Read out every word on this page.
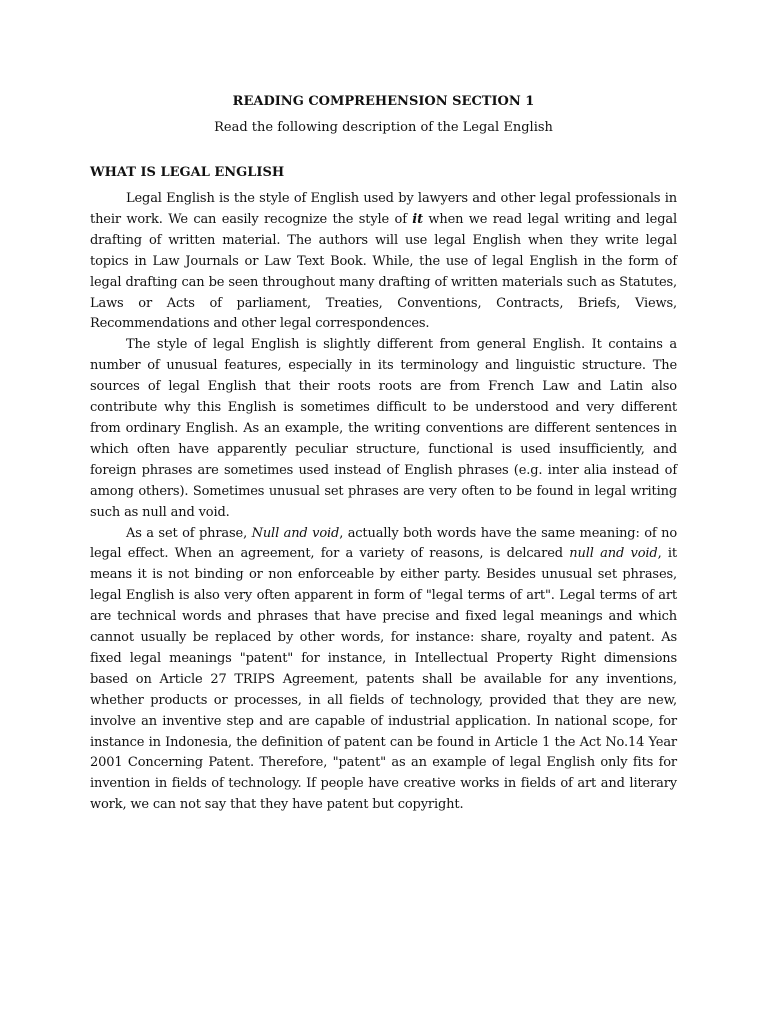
READING COMPREHENSION SECTION 1

Read the following description of the Legal English

WHAT IS LEGAL ENGLISH

Legal English is the style of English used by lawyers and other legal professionals in their work. We can easily recognize the style of it when we read legal writing and legal drafting of written material. The authors will use legal English when they write legal topics in Law Journals or Law Text Book. While, the use of legal English in the form of legal drafting can be seen throughout many drafting of written materials such as Statutes, Laws or Acts of parliament, Treaties, Conventions, Contracts, Briefs, Views, Recommendations and other legal correspondences.

The style of legal English is slightly different from general English. It contains a number of unusual features, especially in its terminology and linguistic structure. The sources of legal English that their roots roots are from French Law and Latin also contribute why this English is sometimes difficult to be understood and very different from ordinary English. As an example, the writing conventions are different sentences in which often have apparently peculiar structure, functional is used insufficiently, and foreign phrases are sometimes used instead of English phrases (e.g. inter alia instead of among others). Sometimes unusual set phrases are very often to be found in legal writing such as null and void.

As a set of phrase, Null and void, actually both words have the same meaning: of no legal effect. When an agreement, for a variety of reasons, is delcared null and void, it means it is not binding or non enforceable by either party. Besides unusual set phrases, legal English is also very often apparent in form of "legal terms of art". Legal terms of art are technical words and phrases that have precise and fixed legal meanings and which cannot usually be replaced by other words, for instance: share, royalty and patent. As fixed legal meanings "patent" for instance, in Intellectual Property Right dimensions based on Article 27 TRIPS Agreement, patents shall be available for any inventions, whether products or processes, in all fields of technology, provided that they are new, involve an inventive step and are capable of industrial application. In national scope, for instance in Indonesia, the definition of patent can be found in Article 1 the Act No.14 Year 2001 Concerning Patent. Therefore, "patent" as an example of legal English only fits for invention in fields of technology. If people have creative works in fields of art and literary work, we can not say that they have patent but copyright.
